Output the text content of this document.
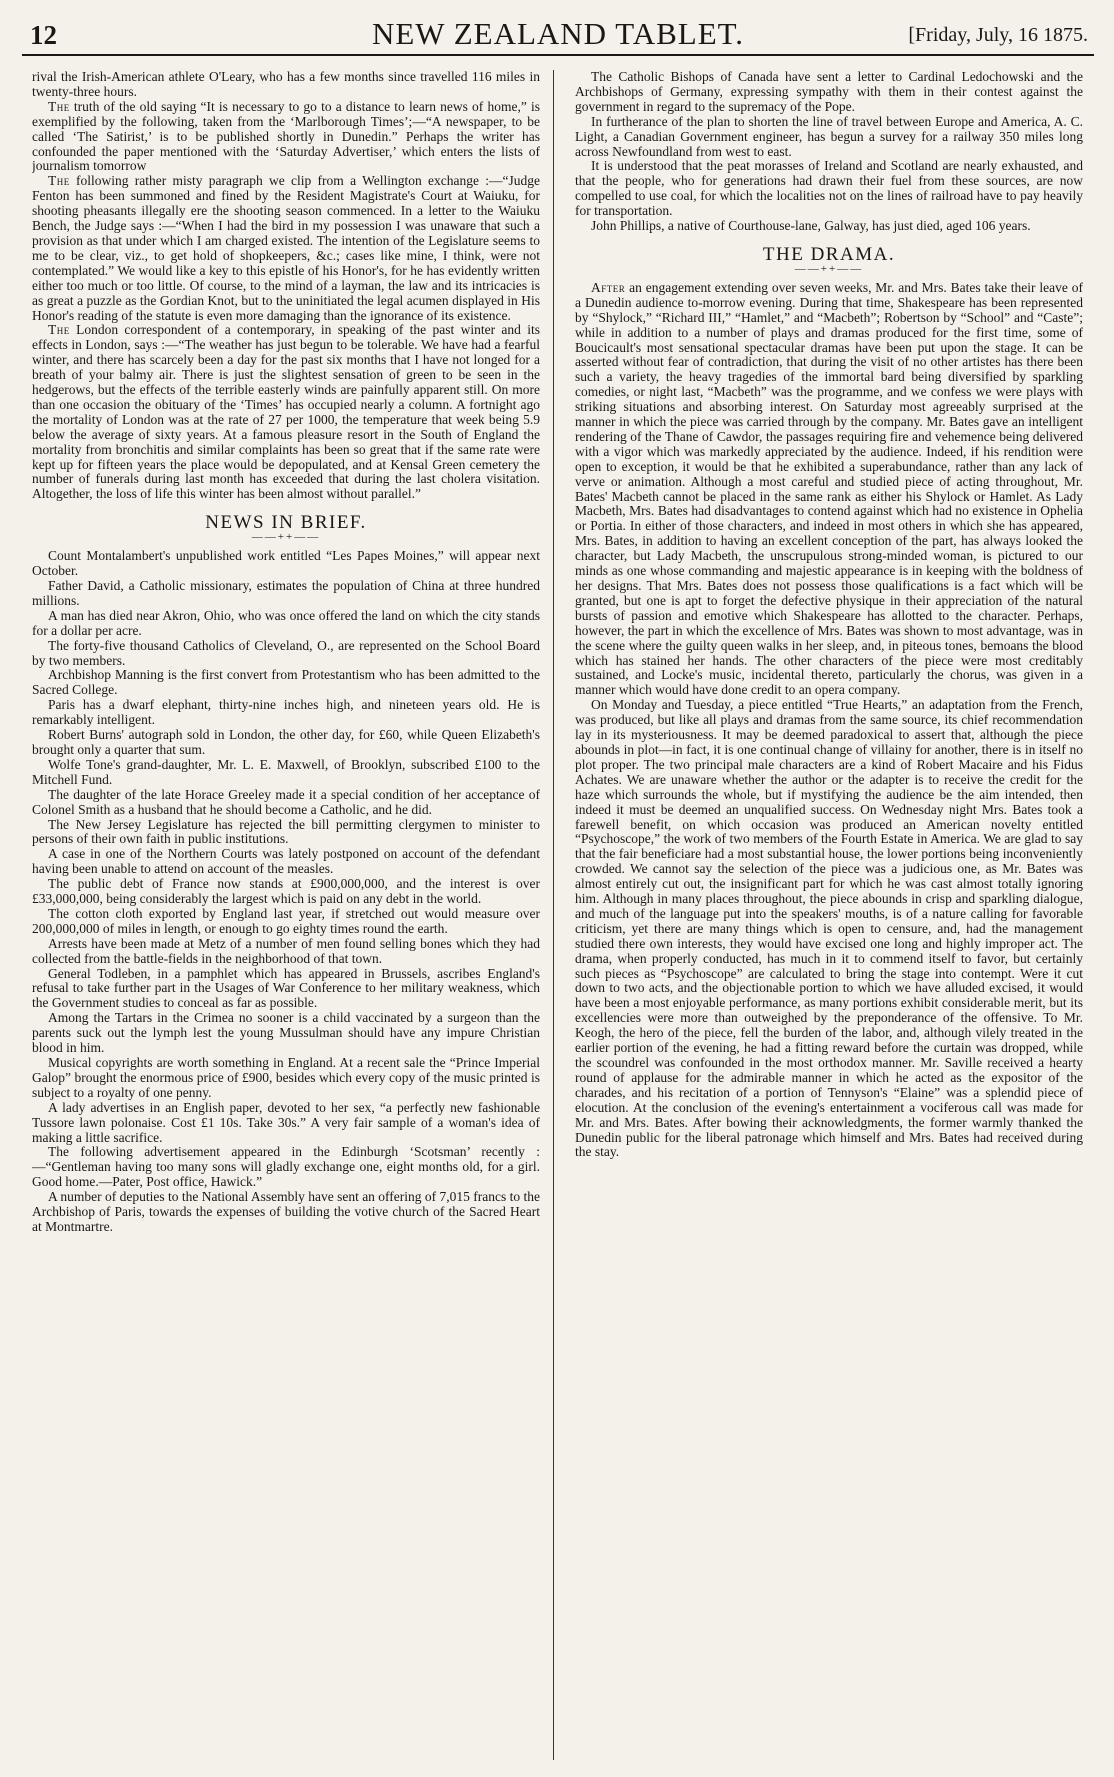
12	NEW ZEALAND TABLET.	[Friday, July, 16 1875.

rival the Irish-American athlete O'Leary, who has a few months since travelled 116 miles in twenty-three hours.

The truth of the old saying “It is necessary to go to a distance to learn news of home,” is exemplified by the following, taken from the ‘Marlborough Times’;—“A newspaper, to be called ‘The Satirist,’ is to be published shortly in Dunedin.” Perhaps the writer has confounded the paper mentioned with the ‘Saturday Advertiser,’ which enters the lists of journalism tomorrow

The following rather misty paragraph we clip from a Wellington exchange :—“Judge Fenton has been summoned and fined by the Resident Magistrate's Court at Waiuku, for shooting pheasants illegally ere the shooting season commenced. In a letter to the Waiuku Bench, the Judge says :—“When I had the bird in my possession I was unaware that such a provision as that under which I am charged existed. The intention of the Legislature seems to me to be clear, viz., to get hold of shopkeepers, &c.; cases like mine, I think, were not contemplated.” We would like a key to this epistle of his Honor's, for he has evidently written either too much or too little. Of course, to the mind of a layman, the law and its intricacies is as great a puzzle as the Gordian Knot, but to the uninitiated the legal acumen displayed in His Honor's reading of the statute is even more damaging than the ignorance of its existence.

The London correspondent of a contemporary, in speaking of the past winter and its effects in London, says :—“The weather has just begun to be tolerable. We have had a fearful winter, and there has scarcely been a day for the past six months that I have not longed for a breath of your balmy air. There is just the slightest sensation of green to be seen in the hedgerows, but the effects of the terrible easterly winds are painfully apparent still. On more than one occasion the obituary of the ‘Times’ has occupied nearly a column. A fortnight ago the mortality of London was at the rate of 27 per 1000, the temperature that week being 5.9 below the average of sixty years. At a famous pleasure resort in the South of England the mortality from bronchitis and similar complaints has been so great that if the same rate were kept up for fifteen years the place would be depopulated, and at Kensal Green cemetery the number of funerals during last month has exceeded that during the last cholera visitation. Altogether, the loss of life this winter has been almost without parallel.”

NEWS IN BRIEF.
——++——

Count Montalambert's unpublished work entitled “Les Papes Moines,” will appear next October.

Father David, a Catholic missionary, estimates the population of China at three hundred millions.

A man has died near Akron, Ohio, who was once offered the land on which the city stands for a dollar per acre.

The forty-five thousand Catholics of Cleveland, O., are represented on the School Board by two members.

Archbishop Manning is the first convert from Protestantism who has been admitted to the Sacred College.

Paris has a dwarf elephant, thirty-nine inches high, and nineteen years old. He is remarkably intelligent.

Robert Burns' autograph sold in London, the other day, for £60, while Queen Elizabeth's brought only a quarter that sum.

Wolfe Tone's grand-daughter, Mr. L. E. Maxwell, of Brooklyn, subscribed £100 to the Mitchell Fund.

The daughter of the late Horace Greeley made it a special condition of her acceptance of Colonel Smith as a husband that he should become a Catholic, and he did.

The New Jersey Legislature has rejected the bill permitting clergymen to minister to persons of their own faith in public institutions.

A case in one of the Northern Courts was lately postponed on account of the defendant having been unable to attend on account of the measles.

The public debt of France now stands at £900,000,000, and the interest is over £33,000,000, being considerably the largest which is paid on any debt in the world.

The cotton cloth exported by England last year, if stretched out would measure over 200,000,000 of miles in length, or enough to go eighty times round the earth.

Arrests have been made at Metz of a number of men found selling bones which they had collected from the battle-fields in the neighborhood of that town.

General Todleben, in a pamphlet which has appeared in Brussels, ascribes England's refusal to take further part in the Usages of War Conference to her military weakness, which the Government studies to conceal as far as possible.

Among the Tartars in the Crimea no sooner is a child vaccinated by a surgeon than the parents suck out the lymph lest the young Mussulman should have any impure Christian blood in him.

Musical copyrights are worth something in England. At a recent sale the “Prince Imperial Galop” brought the enormous price of £900, besides which every copy of the music printed is subject to a royalty of one penny.

A lady advertises in an English paper, devoted to her sex, “a perfectly new fashionable Tussore lawn polonaise. Cost £1 10s. Take 30s.” A very fair sample of a woman's idea of making a little sacrifice.

The following advertisement appeared in the Edinburgh ‘Scotsman’ recently :—“Gentleman having too many sons will gladly exchange one, eight months old, for a girl. Good home.—Pater, Post office, Hawick.”

A number of deputies to the National Assembly have sent an offering of 7,015 francs to the Archbishop of Paris, towards the expenses of building the votive church of the Sacred Heart at Montmartre.

The Catholic Bishops of Canada have sent a letter to Cardinal Ledochowski and the Archbishops of Germany, expressing sympathy with them in their contest against the government in regard to the supremacy of the Pope.

In furtherance of the plan to shorten the line of travel between Europe and America, A. C. Light, a Canadian Government engineer, has begun a survey for a railway 350 miles long across Newfoundland from west to east.

It is understood that the peat morasses of Ireland and Scotland are nearly exhausted, and that the people, who for generations had drawn their fuel from these sources, are now compelled to use coal, for which the localities not on the lines of railroad have to pay heavily for transportation.

John Phillips, a native of Courthouse-lane, Galway, has just died, aged 106 years.

THE DRAMA.
——++——

After an engagement extending over seven weeks, Mr. and Mrs. Bates take their leave of a Dunedin audience to-morrow evening. During that time, Shakespeare has been represented by “Shylock,” “Richard III,” “Hamlet,” and “Macbeth”; Robertson by “School” and “Caste”; while in addition to a number of plays and dramas produced for the first time, some of Boucicault's most sensational spectacular dramas have been put upon the stage. It can be asserted without fear of contradiction, that during the visit of no other artistes has there been such a variety, the heavy tragedies of the immortal bard being diversified by sparkling comedies, or night last, “Macbeth” was the programme, and we confess we were plays with striking situations and absorbing interest. On Saturday most agreeably surprised at the manner in which the piece was carried through by the company. Mr. Bates gave an intelligent rendering of the Thane of Cawdor, the passages requiring fire and vehemence being delivered with a vigor which was markedly appreciated by the audience. Indeed, if his rendition were open to exception, it would be that he exhibited a superabundance, rather than any lack of verve or animation. Although a most careful and studied piece of acting throughout, Mr. Bates' Macbeth cannot be placed in the same rank as either his Shylock or Hamlet. As Lady Macbeth, Mrs. Bates had disadvantages to contend against which had no existence in Ophelia or Portia. In either of those characters, and indeed in most others in which she has appeared, Mrs. Bates, in addition to having an excellent conception of the part, has always looked the character, but Lady Macbeth, the unscrupulous strong-minded woman, is pictured to our minds as one whose commanding and majestic appearance is in keeping with the boldness of her designs. That Mrs. Bates does not possess those qualifications is a fact which will be granted, but one is apt to forget the defective physique in their appreciation of the natural bursts of passion and emotive which Shakespeare has allotted to the character. Perhaps, however, the part in which the excellence of Mrs. Bates was shown to most advantage, was in the scene where the guilty queen walks in her sleep, and, in piteous tones, bemoans the blood which has stained her hands. The other characters of the piece were most creditably sustained, and Locke's music, incidental thereto, particularly the chorus, was given in a manner which would have done credit to an opera company.

On Monday and Tuesday, a piece entitled “True Hearts,” an adaptation from the French, was produced, but like all plays and dramas from the same source, its chief recommendation lay in its mysteriousness. It may be deemed paradoxical to assert that, although the piece abounds in plot—in fact, it is one continual change of villainy for another, there is in itself no plot proper. The two principal male characters are a kind of Robert Macaire and his Fidus Achates. We are unaware whether the author or the adapter is to receive the credit for the haze which surrounds the whole, but if mystifying the audience be the aim intended, then indeed it must be deemed an unqualified success. On Wednesday night Mrs. Bates took a farewell benefit, on which occasion was produced an American novelty entitled “Psychoscope,” the work of two members of the Fourth Estate in America. We are glad to say that the fair beneficiare had a most substantial house, the lower portions being inconveniently crowded. We cannot say the selection of the piece was a judicious one, as Mr. Bates was almost entirely cut out, the insignificant part for which he was cast almost totally ignoring him. Although in many places throughout, the piece abounds in crisp and sparkling dialogue, and much of the language put into the speakers' mouths, is of a nature calling for favorable criticism, yet there are many things which is open to censure, and, had the management studied there own interests, they would have excised one long and highly improper act. The drama, when properly conducted, has much in it to commend itself to favor, but certainly such pieces as “Psychoscope” are calculated to bring the stage into contempt. Were it cut down to two acts, and the objectionable portion to which we have alluded excised, it would have been a most enjoyable performance, as many portions exhibit considerable merit, but its excellencies were more than outweighed by the preponderance of the offensive. To Mr. Keogh, the hero of the piece, fell the burden of the labor, and, although vilely treated in the earlier portion of the evening, he had a fitting reward before the curtain was dropped, while the scoundrel was confounded in the most orthodox manner. Mr. Saville received a hearty round of applause for the admirable manner in which he acted as the expositor of the charades, and his recitation of a portion of Tennyson's “Elaine” was a splendid piece of elocution. At the conclusion of the evening's entertainment a vociferous call was made for Mr. and Mrs. Bates. After bowing their acknowledgments, the former warmly thanked the Dunedin public for the liberal patronage which himself and Mrs. Bates had received during the stay.
